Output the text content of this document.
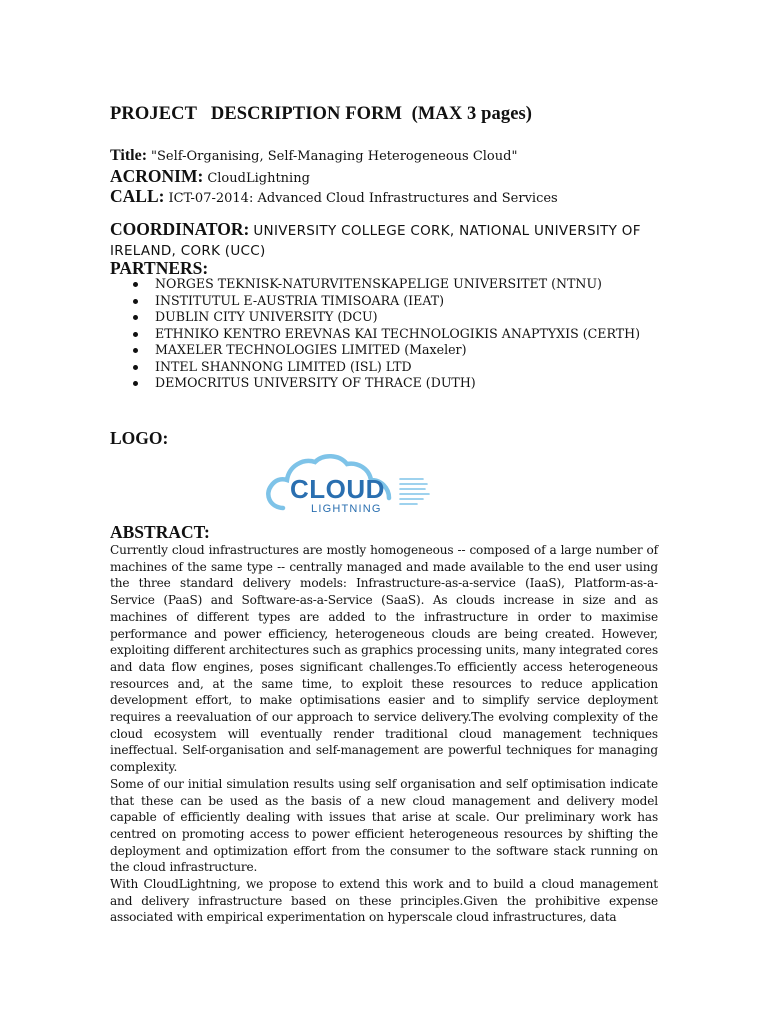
PROJECT   DESCRIPTION FORM  (MAX 3 pages)
Title: "Self-Organising, Self-Managing Heterogeneous Cloud"
ACRONIM: CloudLightning
CALL: ICT-07-2014: Advanced Cloud Infrastructures and Services
COORDINATOR: UNIVERSITY COLLEGE CORK, NATIONAL UNIVERSITY OF IRELAND, CORK (UCC)
PARTNERS:
NORGES TEKNISK-NATURVITENSKAPELIGE UNIVERSITET (NTNU)
INSTITUTUL E-AUSTRIA TIMISOARA (IEAT)
DUBLIN CITY UNIVERSITY (DCU)
ETHNIKO KENTRO EREVNAS KAI TECHNOLOGIKIS ANAPTYXIS (CERTH)
MAXELER TECHNOLOGIES LIMITED (Maxeler)
INTEL SHANNONG LIMITED (ISL) LTD
DEMOCRITUS UNIVERSITY OF THRACE (DUTH)
LOGO:
CLOUD
LIGHTNING
ABSTRACT:

Currently cloud infrastructures are mostly homogeneous -- composed of a large number of machines of the same type -- centrally managed and made available to the end user using the three standard delivery models: Infrastructure-as-a-service (IaaS), Platform-as-a-Service (PaaS) and Software-as-a-Service (SaaS). As clouds increase in size and as machines of different types are added to the infrastructure in order to maximise performance and power efficiency, heterogeneous clouds are being created. However, exploiting different architectures such as graphics processing units, many integrated cores and data flow engines, poses significant challenges.To efficiently access heterogeneous resources and, at the same time, to exploit these resources to reduce application development effort, to make optimisations easier and to simplify service deployment requires a reevaluation of our approach to service delivery.The evolving complexity of the cloud ecosystem will eventually render traditional cloud management techniques ineffectual. Self-organisation and self-management are powerful techniques for managing complexity.

Some of our initial simulation results using self organisation and self optimisation indicate that these can be used as the basis of a new cloud management and delivery model capable of efficiently dealing with issues that arise at scale. Our preliminary work has centred on promoting access to power efficient heterogeneous resources by shifting the deployment and optimization effort from the consumer to the software stack running on the cloud infrastructure.

With CloudLightning, we propose to extend this work and to build a cloud management and delivery infrastructure based on these principles.Given the prohibitive expense associated with empirical experimentation on hyperscale cloud infrastructures, data
